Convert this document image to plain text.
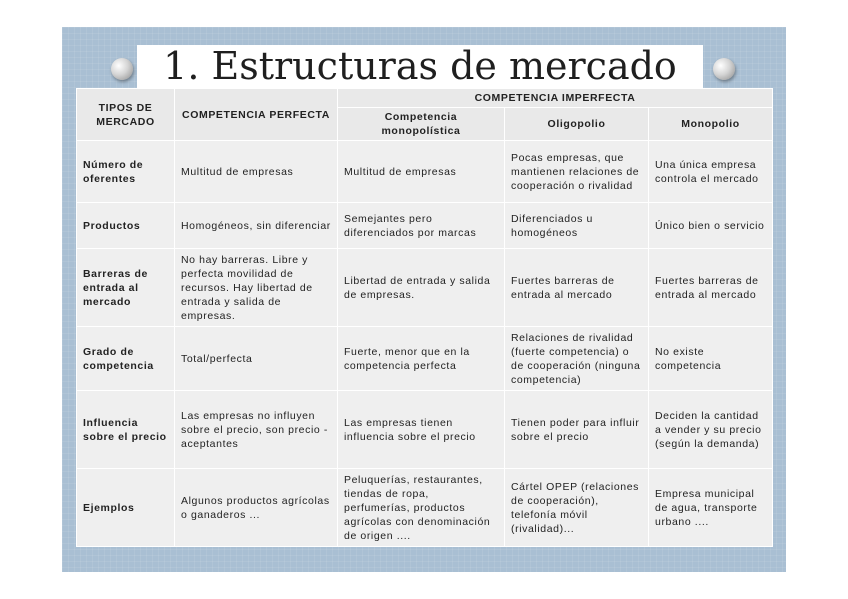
1. Estructuras de mercado
TIPOS DE MERCADO	COMPETENCIA PERFECTA	COMPETENCIA IMPERFECTA		
		Competencia monopolística	Oligopolio	Monopolio
Número de oferentes	Multitud de empresas	Multitud de empresas	Pocas empresas, que mantienen relaciones de cooperación o rivalidad	Una única empresa controla el mercado
Productos	Homogéneos, sin diferenciar	Semejantes pero diferenciados por marcas	Diferenciados u homogéneos	Único bien o servicio
Barreras de entrada al mercado	No hay barreras. Libre y perfecta movilidad de recursos. Hay libertad de entrada y salida de empresas.	Libertad de entrada y salida de empresas.	Fuertes barreras de entrada al mercado	Fuertes barreras de entrada al mercado
Grado de competencia	Total/perfecta	Fuerte, menor que en la competencia perfecta	Relaciones de rivalidad (fuerte competencia) o de cooperación (ninguna competencia)	No existe competencia
Influencia sobre el precio	Las empresas no influyen sobre el precio, son precio - aceptantes	Las empresas tienen influencia sobre el precio	Tienen poder para influir sobre el precio	Deciden la cantidad a vender y su precio (según la demanda)
Ejemplos	Algunos productos agrícolas o ganaderos ...	Peluquerías, restaurantes, tiendas de ropa, perfumerías, productos agrícolas con denominación de origen ....	Cártel OPEP (relaciones de cooperación), telefonía móvil (rivalidad)...	Empresa municipal de agua, transporte urbano ....
